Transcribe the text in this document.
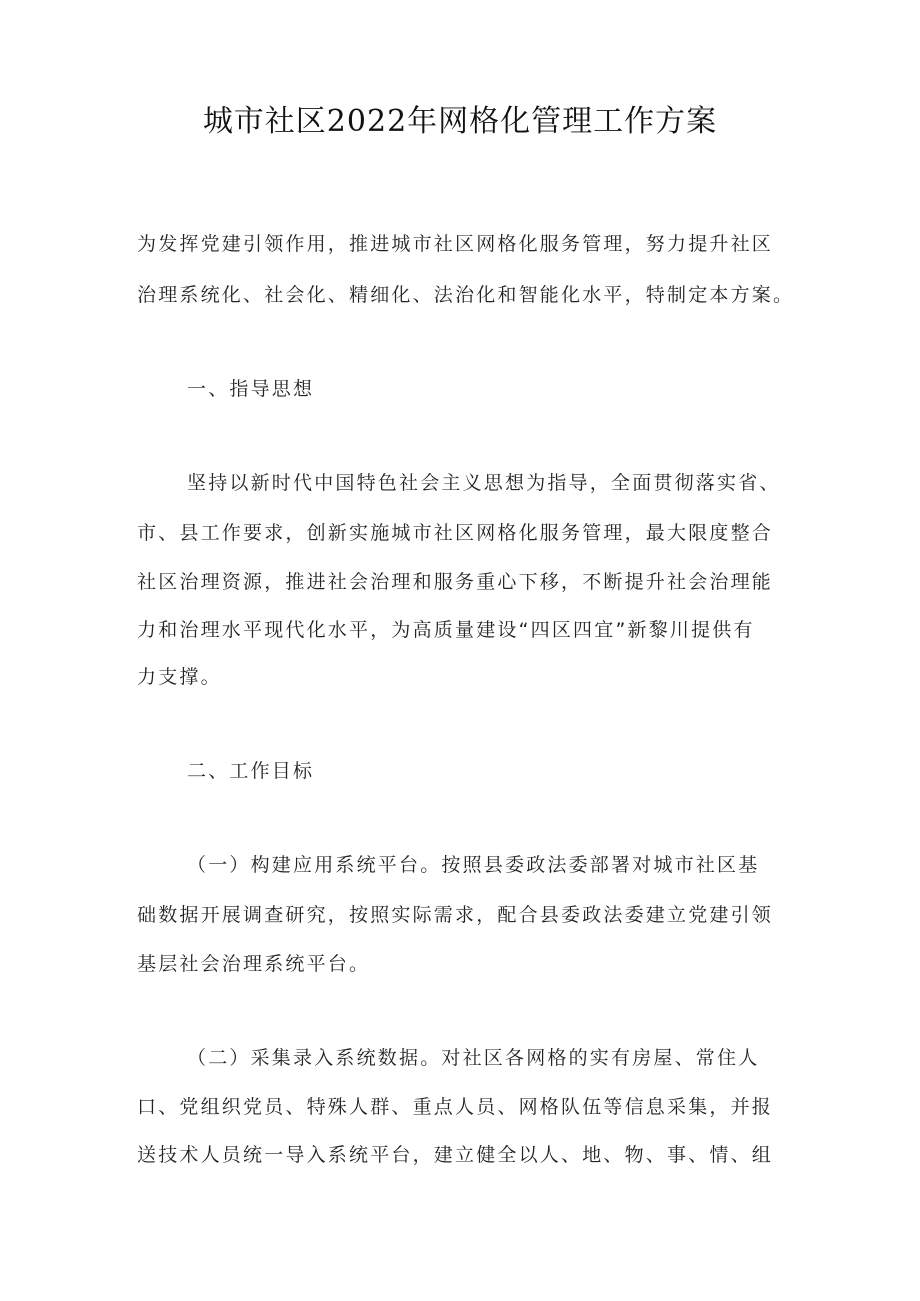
城市社区2022年网格化管理工作方案
为发挥党建引领作用，推进城市社区网格化服务管理，努力提升社区
治理系统化、社会化、精细化、法治化和智能化水平，特制定本方案。
一、指导思想
坚持以新时代中国特色社会主义思想为指导，全面贯彻落实省、
市、县工作要求，创新实施城市社区网格化服务管理，最大限度整合
社区治理资源，推进社会治理和服务重心下移，不断提升社会治理能
力和治理水平现代化水平，为高质量建设“四区四宜”新黎川提供有
力支撑。
二、工作目标
（一）构建应用系统平台。按照县委政法委部署对城市社区基
础数据开展调查研究，按照实际需求，配合县委政法委建立党建引领
基层社会治理系统平台。
（二）采集录入系统数据。对社区各网格的实有房屋、常住人
口、党组织党员、特殊人群、重点人员、网格队伍等信息采集，并报
送技术人员统一导入系统平台，建立健全以人、地、物、事、情、组
